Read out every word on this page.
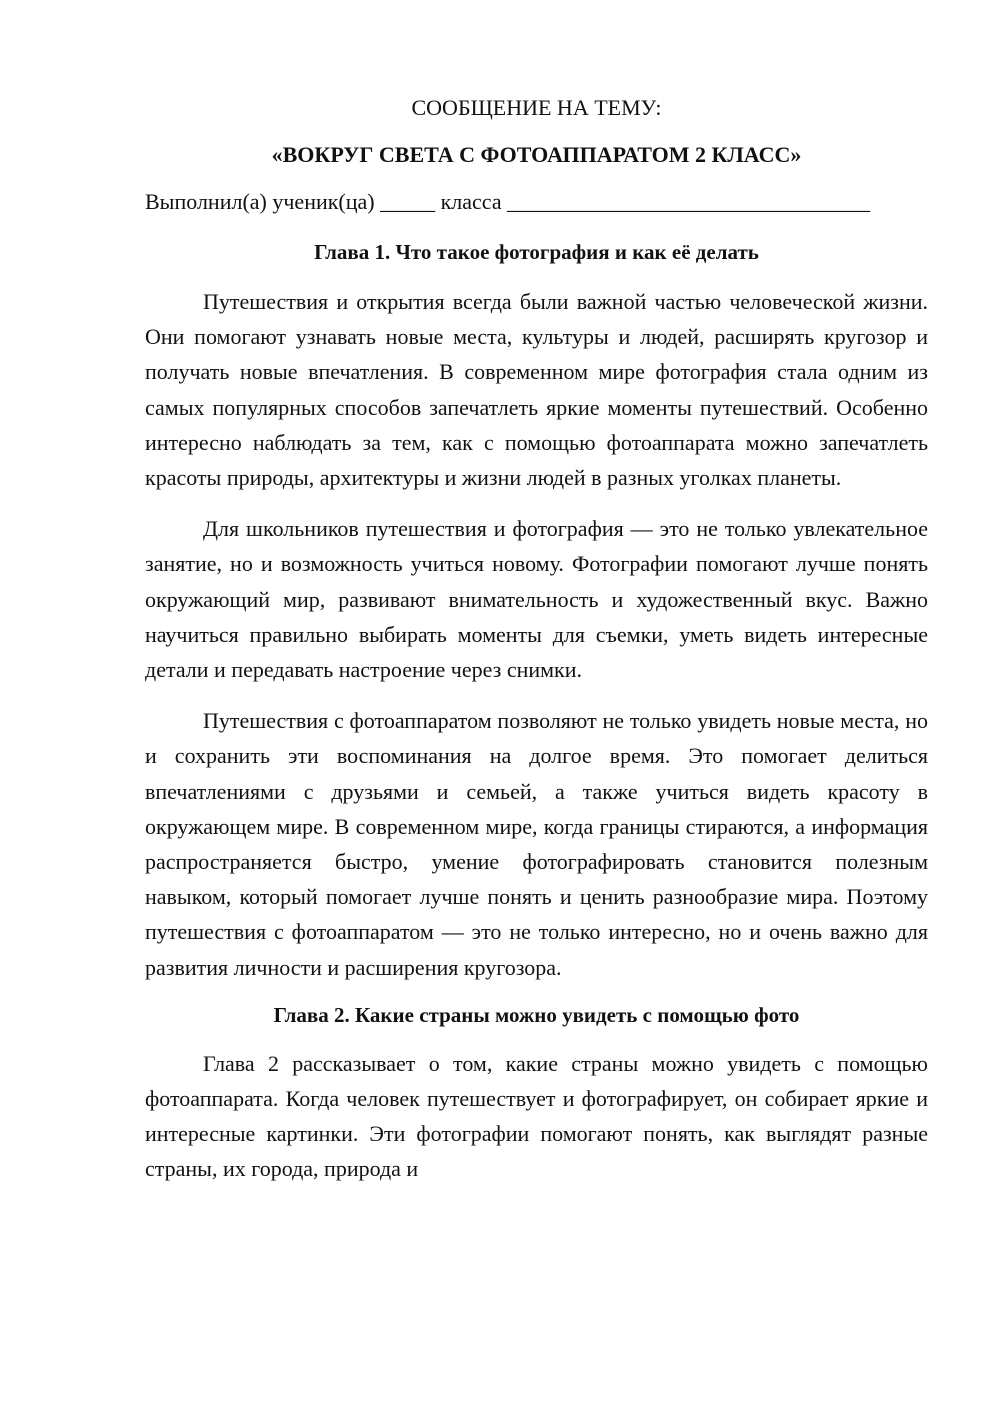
СООБЩЕНИЕ НА ТЕМУ:

«ВОКРУГ СВЕТА С ФОТОАППАРАТОМ 2 КЛАСС»

Выполнил(а) ученик(ца) _____ класса _________________________________

Глава 1. Что такое фотография и как её делать

Путешествия и открытия всегда были важной частью человеческой жизни. Они помогают узнавать новые места, культуры и людей, расширять кругозор и получать новые впечатления. В современном мире фотография стала одним из самых популярных способов запечатлеть яркие моменты путешествий. Особенно интересно наблюдать за тем, как с помощью фотоаппарата можно запечатлеть красоты природы, архитектуры и жизни людей в разных уголках планеты.

Для школьников путешествия и фотография — это не только увлекательное занятие, но и возможность учиться новому. Фотографии помогают лучше понять окружающий мир, развивают внимательность и художественный вкус. Важно научиться правильно выбирать моменты для съемки, уметь видеть интересные детали и передавать настроение через снимки.

Путешествия с фотоаппаратом позволяют не только увидеть новые места, но и сохранить эти воспоминания на долгое время. Это помогает делиться впечатлениями с друзьями и семьей, а также учиться видеть красоту в окружающем мире. В современном мире, когда границы стираются, а информация распространяется быстро, умение фотографировать становится полезным навыком, который помогает лучше понять и ценить разнообразие мира. Поэтому путешествия с фотоаппаратом — это не только интересно, но и очень важно для развития личности и расширения кругозора.

Глава 2. Какие страны можно увидеть с помощью фото

Глава 2 рассказывает о том, какие страны можно увидеть с помощью фотоаппарата. Когда человек путешествует и фотографирует, он собирает яркие и интересные картинки. Эти фотографии помогают понять, как выглядят разные страны, их города, природа и
